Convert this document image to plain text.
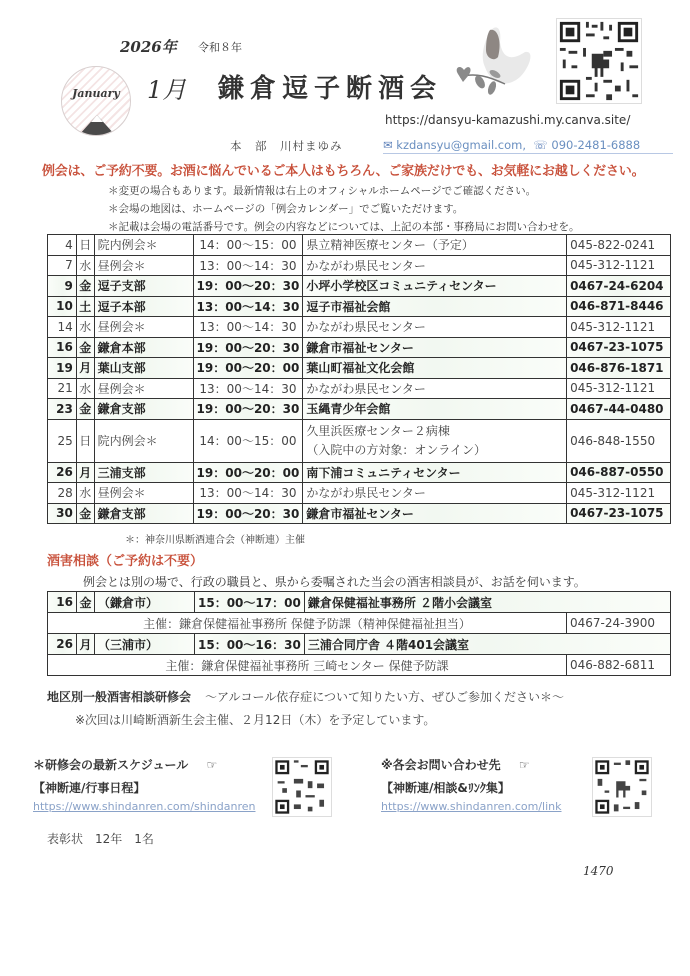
2026年 令和８年
January	1月 鎌倉逗子断酒会
https://dansyu-kamazushi.my.canva.site/
本　部　川村まゆみ	✉ kzdansyu@gmail.com, ☏ 090-2481-6888
例会は、ご予約不要。お酒に悩んでいるご本人はもちろん、ご家族だけでも、お気軽にお越しください。
＊変更の場合もあります。最新情報は右上のオフィシャルホームページでご確認ください。
＊会場の地図は、ホームページの「例会カレンダー」でご覧いただけます。
＊記載は会場の電話番号です。例会の内容などについては、上記の本部・事務局にお問い合わせを。
4	日	院内例会＊	14：00〜15：00	県立精神医療センター（予定）	045-822-0241
7	水	昼例会＊	13：00〜14：30	かながわ県民センター	045-312-1121
9	金	逗子支部	19：00〜20：30	小坪小学校区コミュニティセンター	0467-24-6204
10	土	逗子本部	13：00〜14：30	逗子市福祉会館	046-871-8446
14	水	昼例会＊	13：00〜14：30	かながわ県民センター	045-312-1121
16	金	鎌倉本部	19：00〜20：30	鎌倉市福祉センター	0467-23-1075
19	月	葉山支部	19：00〜20：00	葉山町福祉文化会館	046-876-1871
21	水	昼例会＊	13：00〜14：30	かながわ県民センター	045-312-1121
23	金	鎌倉支部	19：00〜20：30	玉縄青少年会館	0467-44-0480
25	日	院内例会＊	14：00〜15：00	久里浜医療センター２病棟
（入院中の方対象：オンライン）	046-848-1550
26	月	三浦支部	19：00〜20：00	南下浦コミュニティセンター	046-887-0550
28	水	昼例会＊	13：00〜14：30	かながわ県民センター	045-312-1121
30	金	鎌倉支部	19：00〜20：30	鎌倉市福祉センター	0467-23-1075
＊：神奈川県断酒連合会（神断連）主催
酒害相談（ご予約は不要）
例会とは別の場で、行政の職員と、県から委嘱された当会の酒害相談員が、お話を伺います。
16	金	（鎌倉市）	15：00〜17：00	鎌倉保健福祉事務所 ２階小会議室	
主催：鎌倉保健福祉事務所 保健予防課（精神保健福祉担当）					0467-24-3900
26	月	（三浦市）	15：00〜16：30	三浦合同庁舎 ４階401会議室	
主催：鎌倉保健福祉事務所 三崎センター 保健予防課					046-882-6811
地区別一般酒害相談研修会 〜アルコール依存症について知りたい方、ぜひご参加ください＊〜
※次回は川崎断酒新生会主催、２月12日（木）を予定しています。
＊研修会の最新スケジュール ☞
【神断連/行事日程】
https://www.shindanren.com/shindanren
※各会お問い合わせ先 ☞
【神断連/相談&ﾘﾝｸ集】
https://www.shindanren.com/link
表彰状　12年　1名
1470
